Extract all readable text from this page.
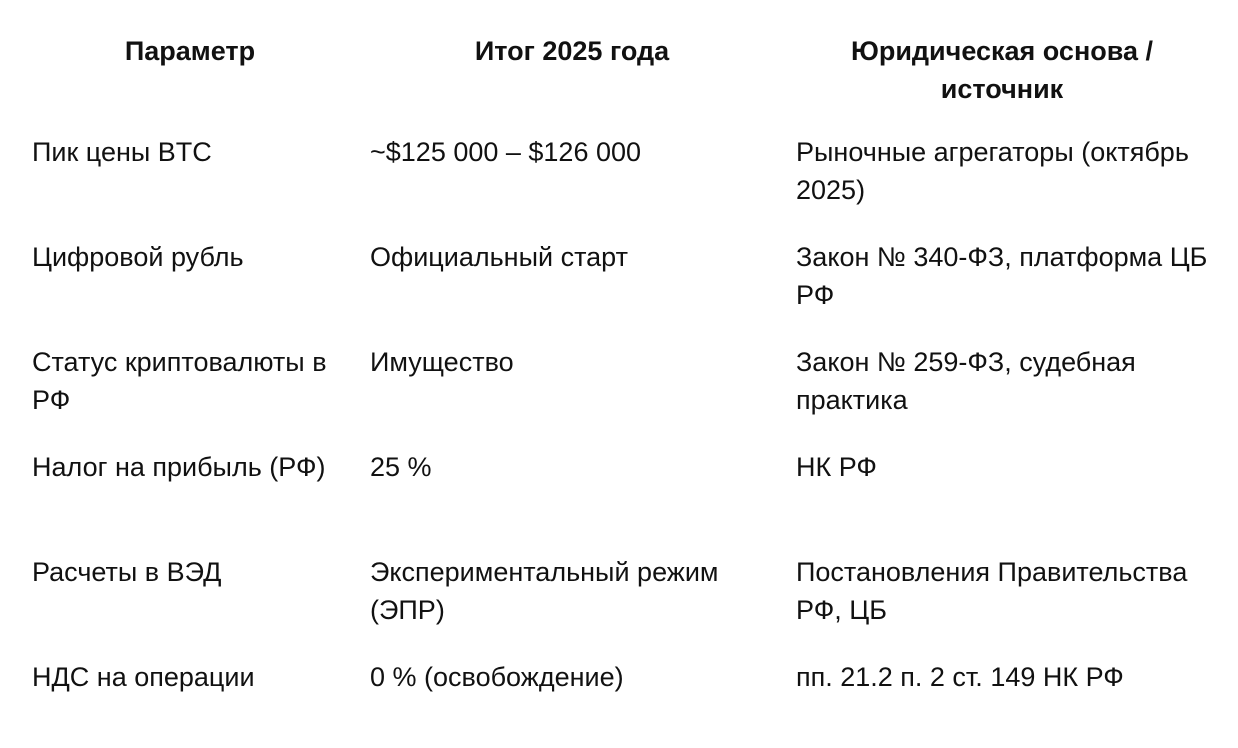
Параметр	Итог 2025 года	Юридическая основа / источник
Пик цены BTC	~$125 000 – $126 000	Рыночные агрегаторы (октябрь 2025)
Цифровой рубль	Официальный старт	Закон № 340-ФЗ, платформа ЦБ РФ
Статус криптовалюты в РФ	Имущество	Закон № 259-ФЗ, судебная практика
Налог на прибыль (РФ)	25 %	НК РФ
Расчеты в ВЭД	Экспериментальный режим (ЭПР)	Постановления Правительства РФ, ЦБ
НДС на операции	0 % (освобождение)	пп. 21.2 п. 2 ст. 149 НК РФ
